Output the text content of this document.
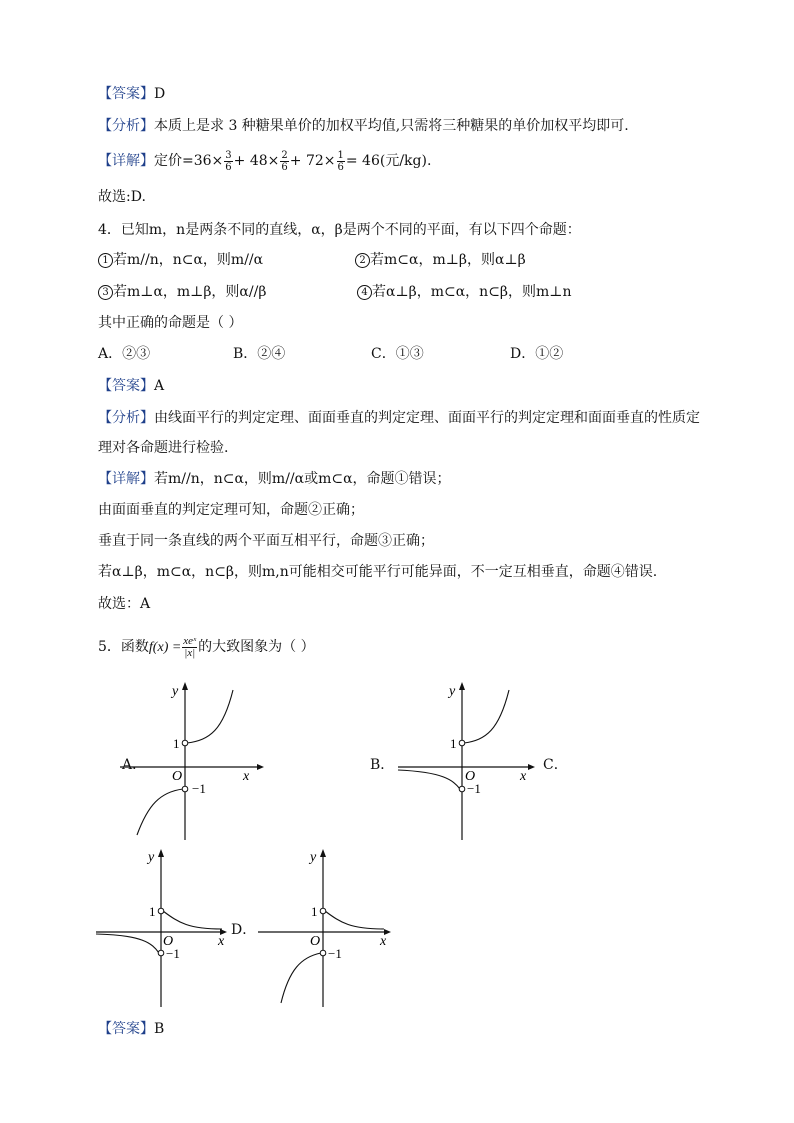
【答案】D
【分析】本质上是求 3 种糖果单价的加权平均值,只需将三种糖果的单价加权平均即可.
【详解】定价$=36\times \frac{3}{6} + 48\times \frac{2}{6} + 72\times \frac{1}{6} = 46$(元/kg).
故选:D.
4．已知m，n是两条不同的直线，α，β是两个不同的平面，有以下四个命题：
1 若m//n，n⊂α，则m//α	2 若m⊂α，m⊥β，则α⊥β
3 若m⊥α，m⊥β，则α//β	4 若α⊥β，m⊂α，n⊂β，则m⊥n
其中正确的命题是（ ）
A．②③	B．②④	C．①③	D．①②
【答案】A
【分析】由线面平行的判定定理、面面垂直的判定定理、面面平行的判定定理和面面垂直的性质定
理对各命题进行检验.
【详解】若m//n，n⊂α，则m//α或m⊂α，命题①错误；
由面面垂直的判定定理可知，命题②正确；
垂直于同一条直线的两个平面互相平行，命题③正确；
若α⊥β，m⊂α，n⊂β，则m,n可能相交可能平行可能异面，不一定互相垂直，命题④错误.
故选：A
5．函数$f(x) = \frac{\text{xeˣ}}{|x|}$ 的大致图象为（ ）
A．
y
x
O
1
−1
B．
y
x
O
1
−1
C．
y
x
O
1
−1
D．
y
x
O
1
−1
【答案】B
